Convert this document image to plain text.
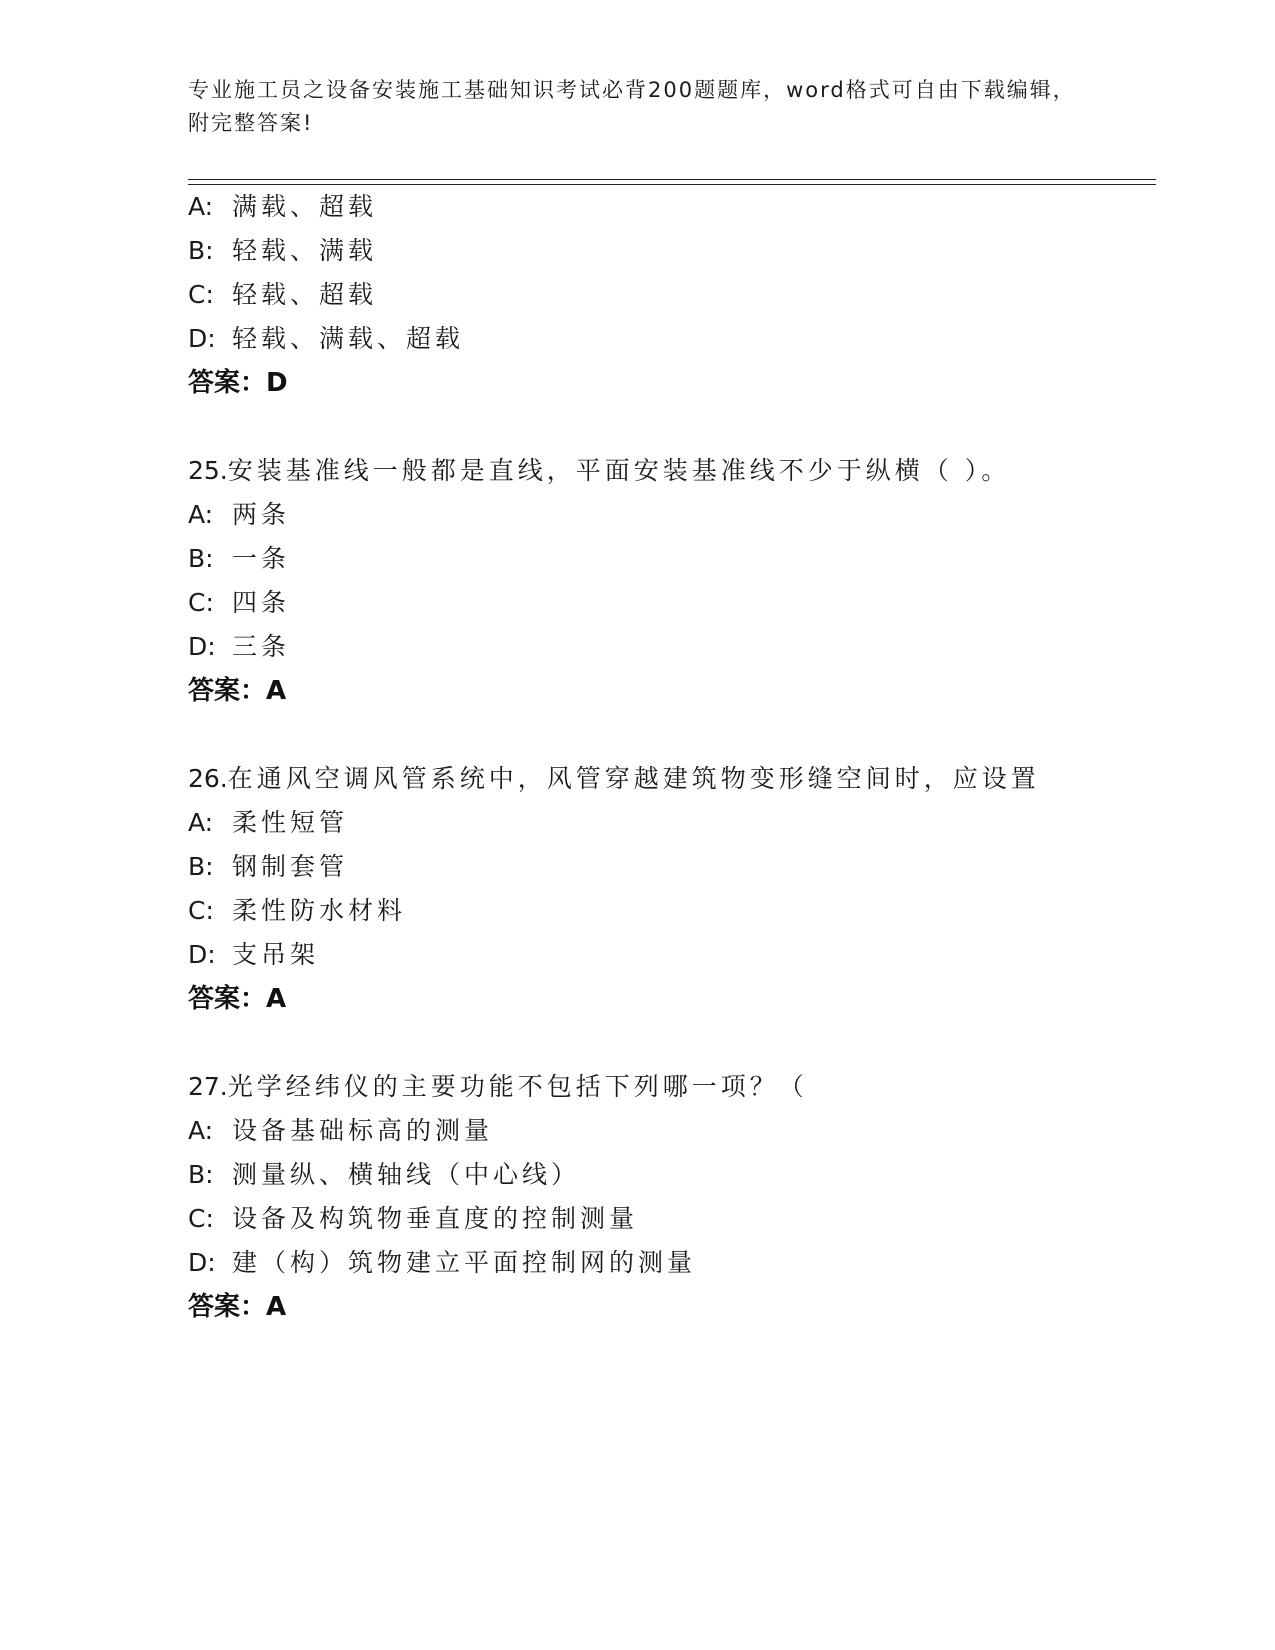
专业施工员之设备安装施工基础知识考试必背200题题库，word格式可自由下载编辑，附完整答案!
A: 满载、超载
B: 轻载、满载
C: 轻载、超载
D: 轻载、满载、超载
答案：D
25.安装基准线一般都是直线，平面安装基准线不少于纵横（ ）。
A: 两条
B: 一条
C: 四条
D: 三条
答案：A
26.在通风空调风管系统中，风管穿越建筑物变形缝空间时，应设置
A: 柔性短管
B: 钢制套管
C: 柔性防水材料
D: 支吊架
答案：A
27.光学经纬仪的主要功能不包括下列哪一项？（
A: 设备基础标高的测量
B: 测量纵、横轴线（中心线）
C: 设备及构筑物垂直度的控制测量
D: 建（构）筑物建立平面控制网的测量
答案：A
